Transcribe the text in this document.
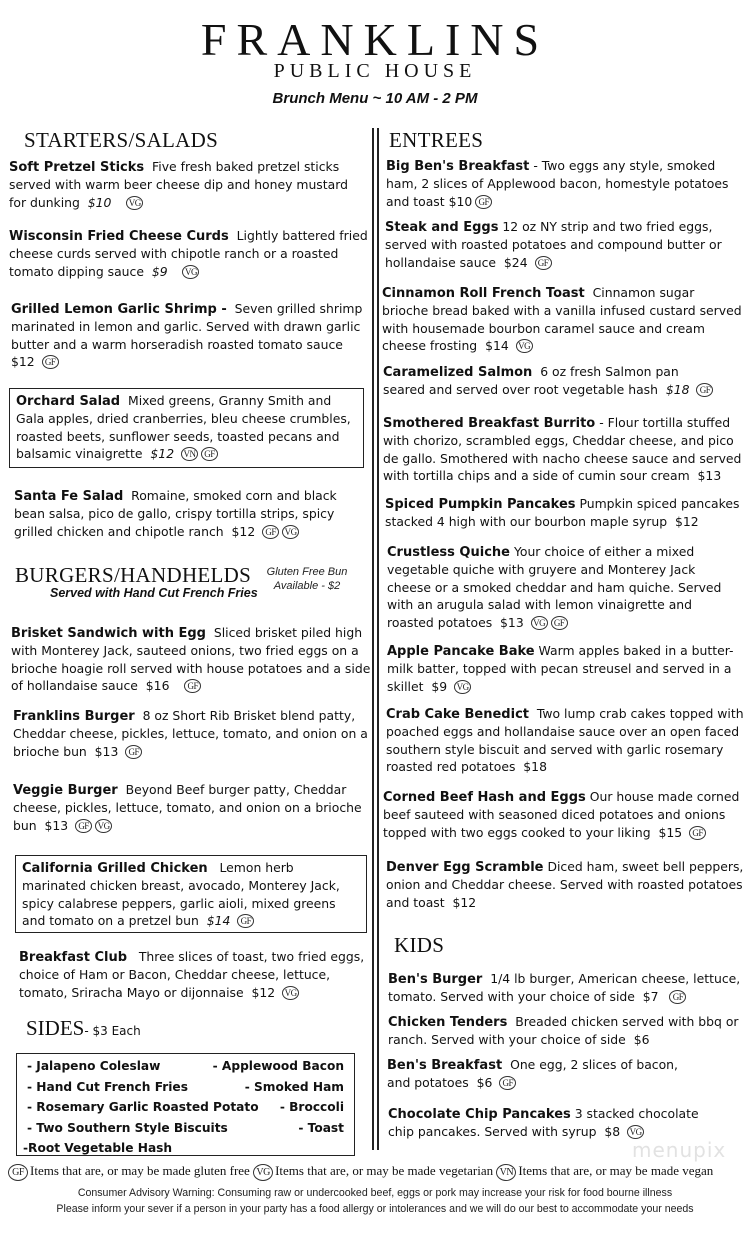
FRANKLINS
PUBLIC HOUSE
Brunch Menu ~ 10 AM - 2 PM
STARTERS/SALADS
Soft Pretzel Sticks Five fresh baked pretzel sticks served with warm beer cheese dip and honey mustard for dunking $10 VG
Wisconsin Fried Cheese Curds Lightly battered fried cheese curds served with chipotle ranch or a roasted tomato dipping sauce $9 VG
Grilled Lemon Garlic Shrimp - Seven grilled shrimp marinated in lemon and garlic. Served with drawn garlic butter and a warm horseradish roasted tomato sauce  $12 GF
Orchard Salad Mixed greens, Granny Smith and Gala apples, dried cranberries, bleu cheese crumbles, roasted beets, sunflower seeds, toasted pecans and balsamic vinaigrette $12 VN GF
Santa Fe Salad Romaine, smoked corn and black bean salsa, pico de gallo, crispy tortilla strips, spicy grilled chicken and chipotle ranch $12 GF VG
BURGERS/HANDHELDS	Gluten Free Bun
Available - $2
Served with Hand Cut French Fries
Brisket Sandwich with Egg Sliced brisket piled high with Monterey Jack, sauteed onions, two fried eggs on a brioche hoagie roll served with house potatoes and a side of hollandaise sauce $16 GF
Franklins Burger 8 oz Short Rib Brisket blend patty, Cheddar cheese, pickles, lettuce, tomato, and onion on a brioche bun $13 GF
Veggie Burger Beyond Beef burger patty, Cheddar cheese, pickles, lettuce, tomato, and onion on a brioche bun $13 GF VG
California Grilled Chicken Lemon herb marinated chicken breast, avocado, Monterey Jack, spicy calabrese peppers, garlic aioli, mixed greens and tomato on a pretzel bun $14 GF
Breakfast Club Three slices of toast, two fried eggs, choice of Ham or Bacon, Cheddar cheese, lettuce, tomato, Sriracha Mayo or dijonnaise $12 VG
SIDES- $3 Each
- Jalapeno Coleslaw	- Applewood Bacon
- Hand Cut French Fries	- Smoked Ham
- Rosemary Garlic Roasted Potato - Broccoli
- Two Southern Style Biscuits	- Toast
-Root Vegetable Hash
ENTREES
Big Ben's Breakfast - Two eggs any style, smoked ham, 2 slices of Applewood bacon, homestyle potatoes and toast $10 GF
Steak and Eggs 12 oz NY strip and two fried eggs, served with roasted potatoes and compound butter or hollandaise sauce $24 GF
Cinnamon Roll French Toast Cinnamon sugar brioche bread baked with a vanilla infused custard served with housemade bourbon caramel sauce and cream cheese frosting $14 VG
Caramelized Salmon 6 oz fresh Salmon pan seared and served over root vegetable hash $18 GF
Smothered Breakfast Burrito - Flour tortilla stuffed with chorizo, scrambled eggs, Cheddar cheese, and pico de gallo. Smothered with nacho cheese sauce and served with tortilla chips and a side of cumin sour cream $13
Spiced Pumpkin Pancakes Pumpkin spiced pancakes stacked 4 high with our bourbon maple syrup $12
Crustless Quiche Your choice of either a mixed vegetable quiche with gruyere and Monterey Jack cheese or a smoked cheddar and ham quiche. Served with an arugula salad with lemon vinaigrette and roasted potatoes $13 VG GF
Apple Pancake Bake Warm apples baked in a butter-milk batter, topped with pecan streusel and served in a skillet $9 VG
Crab Cake Benedict Two lump crab cakes topped with poached eggs and hollandaise sauce over an open faced southern style biscuit and served with garlic rosemary roasted red potatoes $18
Corned Beef Hash and Eggs Our house made corned beef sauteed with seasoned diced potatoes and onions topped with two eggs cooked to your liking $15 GF
Denver Egg Scramble Diced ham, sweet bell peppers, onion and Cheddar cheese. Served with roasted potatoes and toast $12
KIDS
Ben's Burger 1/4 lb burger, American cheese, lettuce, tomato. Served with your choice of side $7 GF
Chicken Tenders Breaded chicken served with bbq or ranch. Served with your choice of side $6
Ben's Breakfast One egg, 2 slices of bacon, and potatoes $6 GF
Chocolate Chip Pancakes 3 stacked chocolate chip pancakes. Served with syrup $8 VG
menupix
GF Items that are, or may be made gluten free VG Items that are, or may be made vegetarian VN Items that are, or may be made vegan
Consumer Advisory Warning: Consuming raw or undercooked beef, eggs or pork may increase your risk for food bourne illness
Please inform your sever if a person in your party has a food allergy or intolerances and we will do our best to accommodate your needs
